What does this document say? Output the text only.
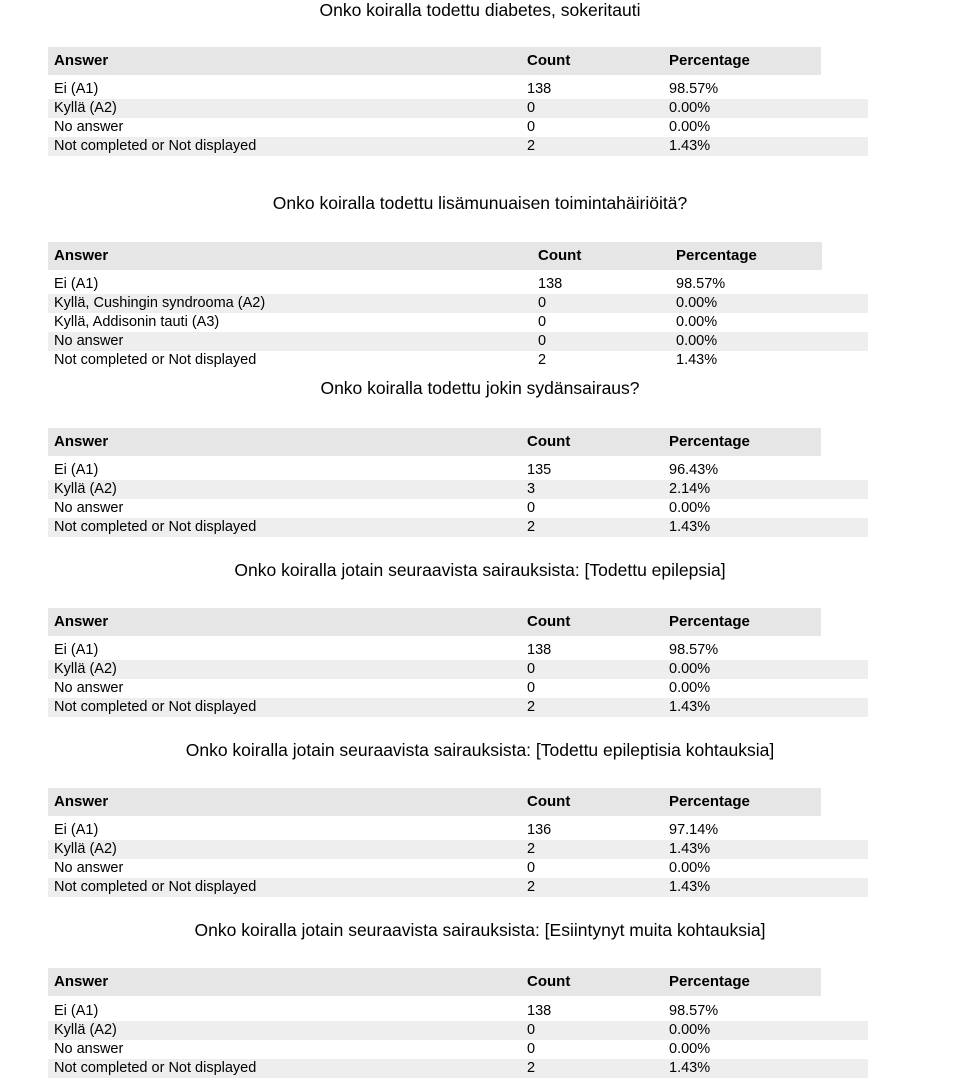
Onko koiralla todettu diabetes, sokeritauti
Answer	Count	Percentage
Ei (A1)	138	98.57%
Kyllä (A2)	0	0.00%
No answer	0	0.00%
Not completed or Not displayed	2	1.43%
Onko koiralla todettu lisämunuaisen toimintahäiriöitä?
Answer	Count	Percentage
Ei (A1)	138	98.57%
Kyllä, Cushingin syndrooma (A2)	0	0.00%
Kyllä, Addisonin tauti (A3)	0	0.00%
No answer	0	0.00%
Not completed or Not displayed	2	1.43%
Onko koiralla todettu jokin sydänsairaus?
Answer	Count	Percentage
Ei (A1)	135	96.43%
Kyllä (A2)	3	2.14%
No answer	0	0.00%
Not completed or Not displayed	2	1.43%
Onko koiralla jotain seuraavista sairauksista: [Todettu epilepsia]
Answer	Count	Percentage
Ei (A1)	138	98.57%
Kyllä (A2)	0	0.00%
No answer	0	0.00%
Not completed or Not displayed	2	1.43%
Onko koiralla jotain seuraavista sairauksista: [Todettu epileptisia kohtauksia]
Answer	Count	Percentage
Ei (A1)	136	97.14%
Kyllä (A2)	2	1.43%
No answer	0	0.00%
Not completed or Not displayed	2	1.43%
Onko koiralla jotain seuraavista sairauksista: [Esiintynyt muita kohtauksia]
Answer	Count	Percentage
Ei (A1)	138	98.57%
Kyllä (A2)	0	0.00%
No answer	0	0.00%
Not completed or Not displayed	2	1.43%
